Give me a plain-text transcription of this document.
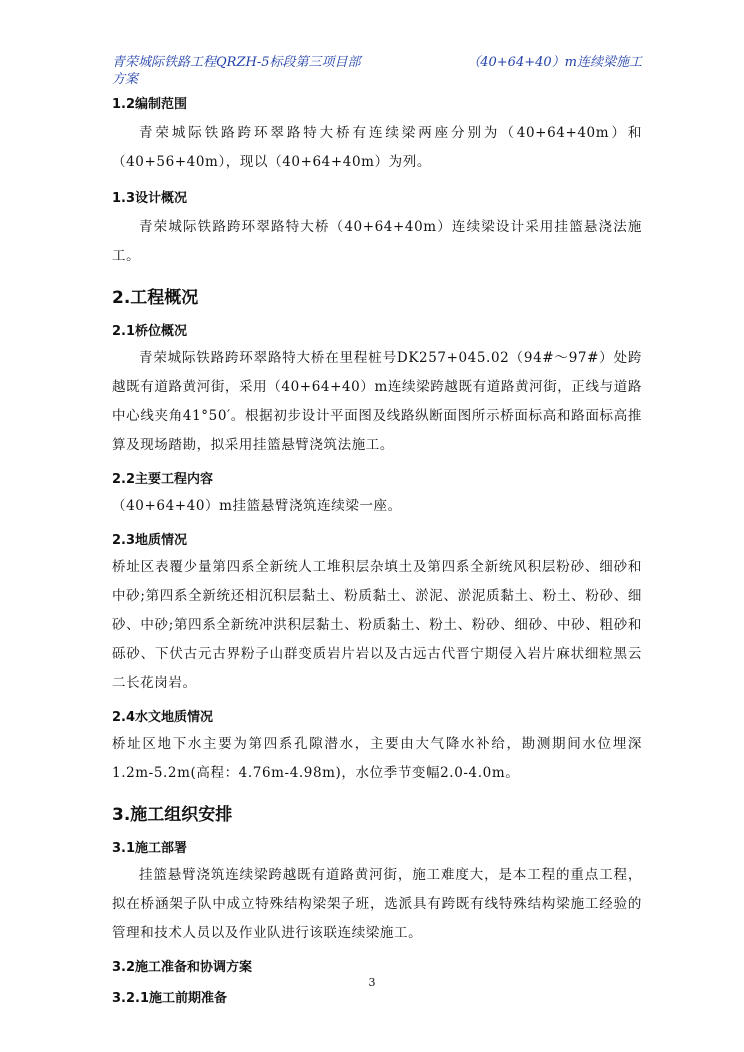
青荣城际铁路工程QRZH-5标段第三项目部方案
（40+64+40）m连续梁施工
1.2编制范围

青荣城际铁路跨环翠路特大桥有连续梁两座分别为（40+64+40m）和（40+56+40m），现以（40+64+40m）为列。

1.3设计概况

青荣城际铁路跨环翠路特大桥（40+64+40m）连续梁设计采用挂篮悬浇法施工。

2.工程概况
2.1桥位概况

青荣城际铁路跨环翠路特大桥在里程桩号DK257+045.02（94#～97#）处跨越既有道路黄河街，采用（40+64+40）m连续梁跨越既有道路黄河街，正线与道路中心线夹角41°50′。根据初步设计平面图及线路纵断面图所示桥面标高和路面标高推算及现场踏勘，拟采用挂篮悬臂浇筑法施工。

2.2主要工程内容

（40+64+40）m挂篮悬臂浇筑连续梁一座。

2.3地质情况

桥址区表覆少量第四系全新统人工堆积层杂填土及第四系全新统风积层粉砂、细砂和中砂;第四系全新统还相沉积层黏土、粉质黏土、淤泥、淤泥质黏土、粉土、粉砂、细砂、中砂;第四系全新统冲洪积层黏土、粉质黏土、粉土、粉砂、细砂、中砂、粗砂和砾砂、下伏古元古界粉子山群变质岩片岩以及古远古代晋宁期侵入岩片麻状细粒黑云二长花岗岩。

2.4水文地质情况

桥址区地下水主要为第四系孔隙潜水，主要由大气降水补给，勘测期间水位埋深1.2m-5.2m(高程：4.76m-4.98m)，水位季节变幅2.0-4.0m。

3.施工组织安排
3.1施工部署

挂篮悬臂浇筑连续梁跨越既有道路黄河街，施工难度大，是本工程的重点工程，拟在桥涵架子队中成立特殊结构梁架子班，选派具有跨既有线特殊结构梁施工经验的管理和技术人员以及作业队进行该联连续梁施工。

3.2施工准备和协调方案
3.2.1施工前期准备
3
